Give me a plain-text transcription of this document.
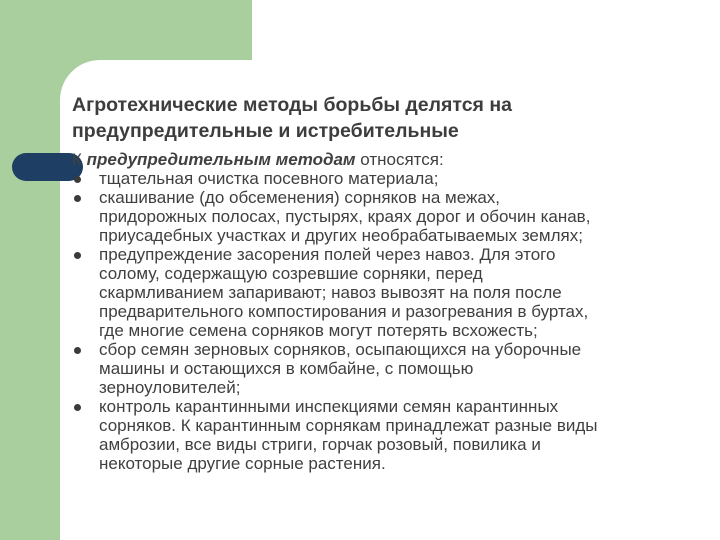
Агротехнические методы борьбы делятся на
предупредительные и истребительные
К предупредительным методам относятся:
тщательная очистка посевного материала;
скашивание (до обсеменения) сорняков на межах,
придорожных полосах, пустырях, краях дорог и обочин канав,
приусадебных участках и других необрабатываемых землях;
предупреждение засорения полей через навоз. Для этого
солому, содержащую созревшие сорняки, перед
скармливанием запаривают; навоз вывозят на поля после
предварительного компостирования и разогревания в буртах,
где многие семена сорняков могут потерять всхожесть;
сбор семян зерновых сорняков, осыпающихся на уборочные
машины и остающихся в комбайне, с помощью
зерноуловителей;
контроль карантинными инспекциями семян карантинных
сорняков. К карантинным сорнякам принадлежат разные виды
амброзии, все виды стриги, горчак розовый, повилика и
некоторые другие сорные растения.
